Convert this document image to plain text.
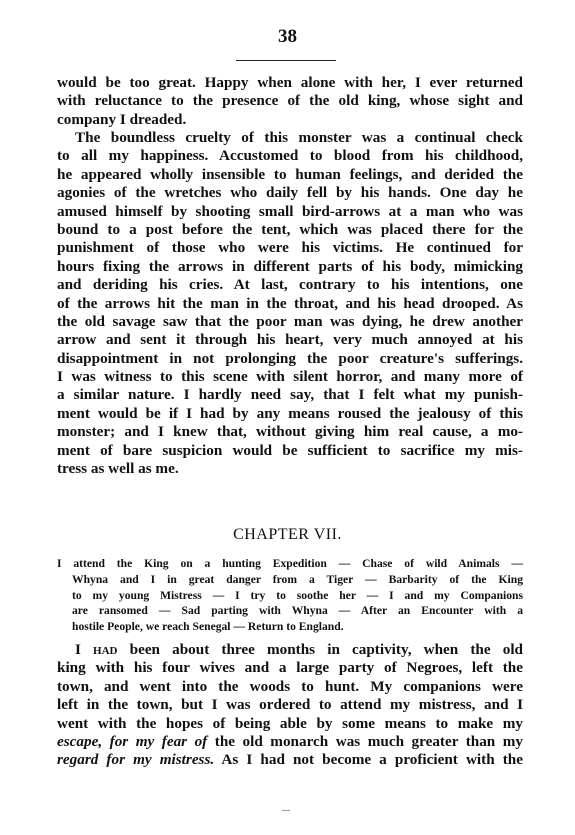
38
would be too great. Happy when alone with her, I ever returned
with reluctance to the presence of the old king, whose sight and
company I dreaded.
The boundless cruelty of this monster was a continual check
to all my happiness. Accustomed to blood from his childhood,
he appeared wholly insensible to human feelings, and derided the
agonies of the wretches who daily fell by his hands. One day he
amused himself by shooting small bird-arrows at a man who was
bound to a post before the tent, which was placed there for the
punishment of those who were his victims. He continued for
hours fixing the arrows in different parts of his body, mimicking
and deriding his cries. At last, contrary to his intentions, one
of the arrows hit the man in the throat, and his head drooped. As
the old savage saw that the poor man was dying, he drew another
arrow and sent it through his heart, very much annoyed at his
disappointment in not prolonging the poor creature's sufferings.
I was witness to this scene with silent horror, and many more of
a similar nature. I hardly need say, that I felt what my punish-
ment would be if I had by any means roused the jealousy of this
monster; and I knew that, without giving him real cause, a mo-
ment of bare suspicion would be sufficient to sacrifice my mis-
tress as well as me.
CHAPTER VII.
I attend the King on a hunting Expedition — Chase of wild Animals —
Whyna and I in great danger from a Tiger — Barbarity of the King
to my young Mistress — I try to soothe her — I and my Companions
are ransomed — Sad parting with Whyna — After an Encounter with a
hostile People, we reach Senegal — Return to England.
I had been about three months in captivity, when the old
king with his four wives and a large party of Negroes, left the
town, and went into the woods to hunt. My companions were
left in the town, but I was ordered to attend my mistress, and I
went with the hopes of being able by some means to make my
escape, for my fear of the old monarch was much greater than my
regard for my mistress. As I had not become a proficient with the
